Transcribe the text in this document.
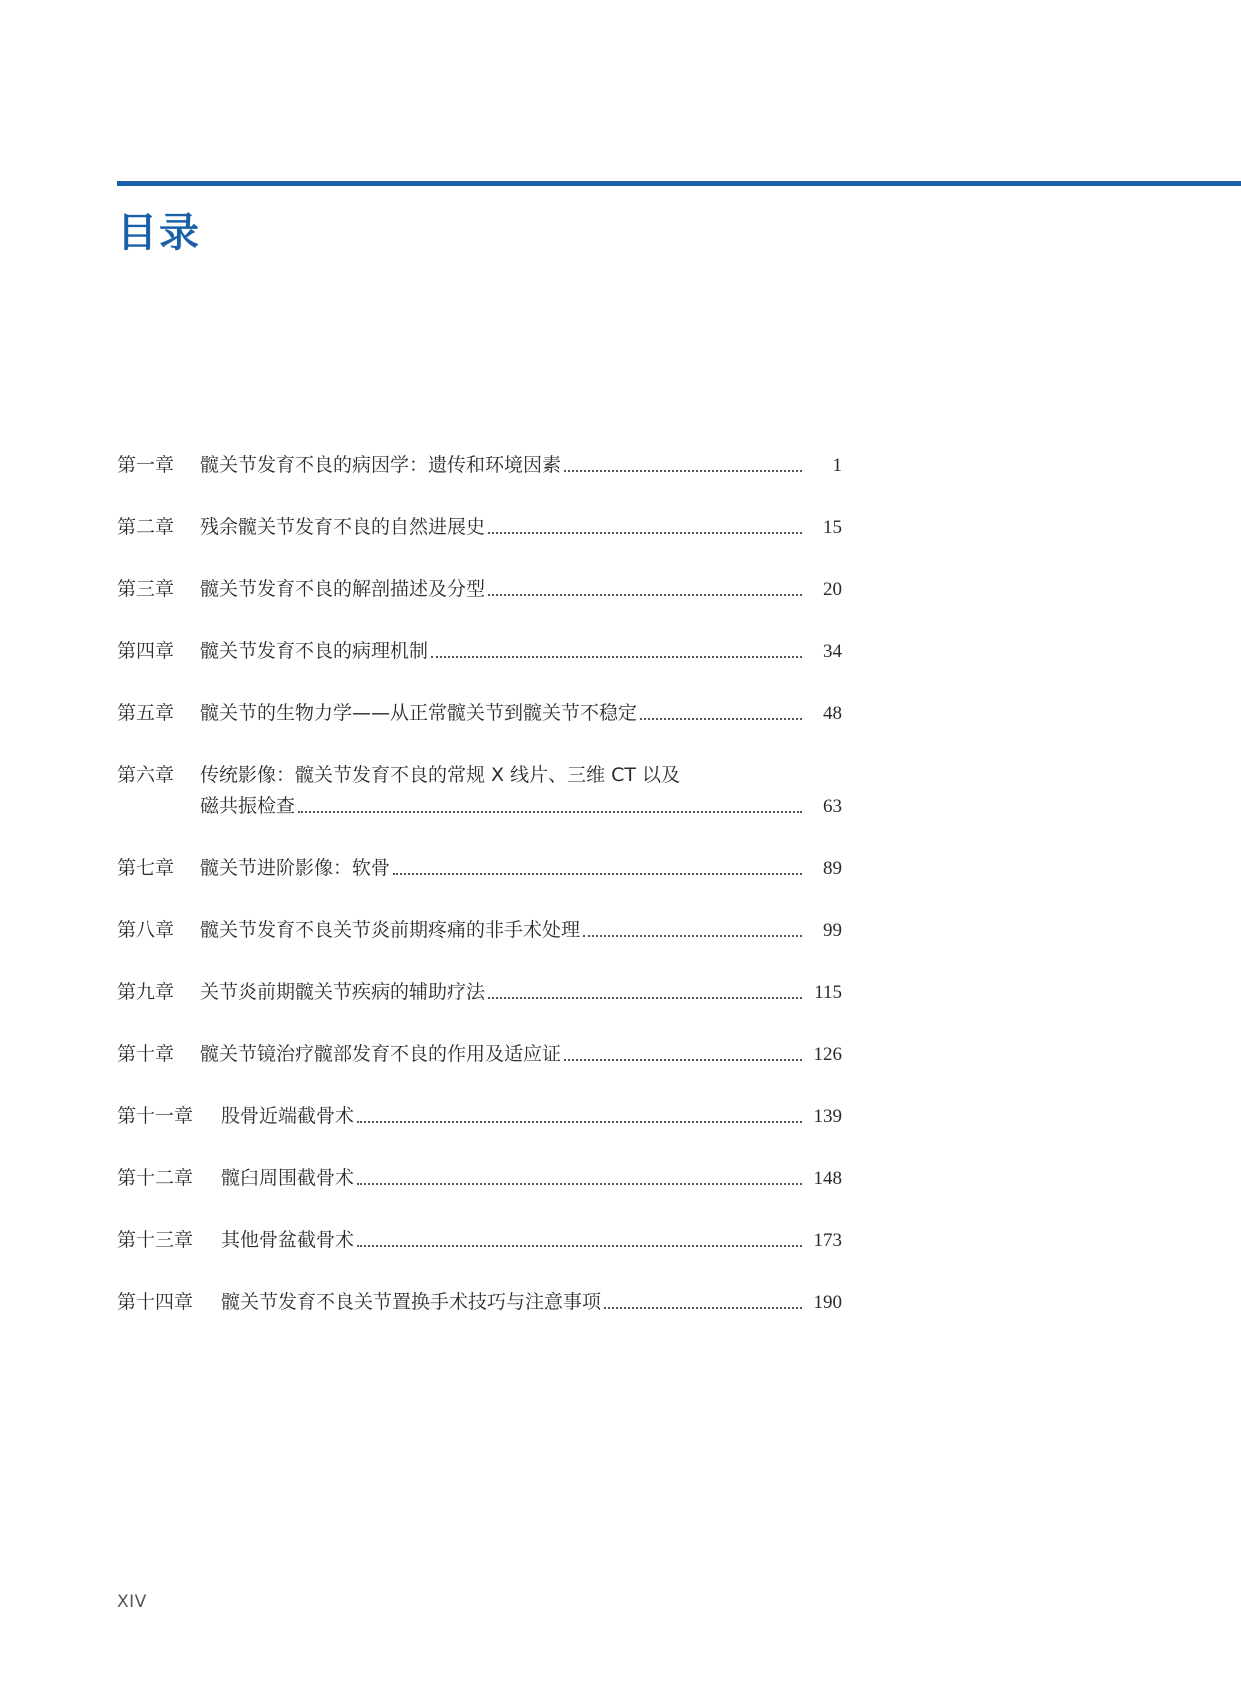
目录
第一章	髋关节发育不良的病因学：遗传和环境因素	1
第二章	残余髋关节发育不良的自然进展史	15
第三章	髋关节发育不良的解剖描述及分型	20
第四章	髋关节发育不良的病理机制	34
第五章	髋关节的生物力学——从正常髋关节到髋关节不稳定	48
第六章	传统影像：髋关节发育不良的常规 X 线片、三维 CT 以及
磁共振检查	63
第七章	髋关节进阶影像：软骨	89
第八章	髋关节发育不良关节炎前期疼痛的非手术处理	99
第九章	关节炎前期髋关节疾病的辅助疗法	115
第十章	髋关节镜治疗髋部发育不良的作用及适应证	126
第十一章	股骨近端截骨术	139
第十二章	髋臼周围截骨术	148
第十三章	其他骨盆截骨术	173
第十四章	髋关节发育不良关节置换手术技巧与注意事项	190
XIV
